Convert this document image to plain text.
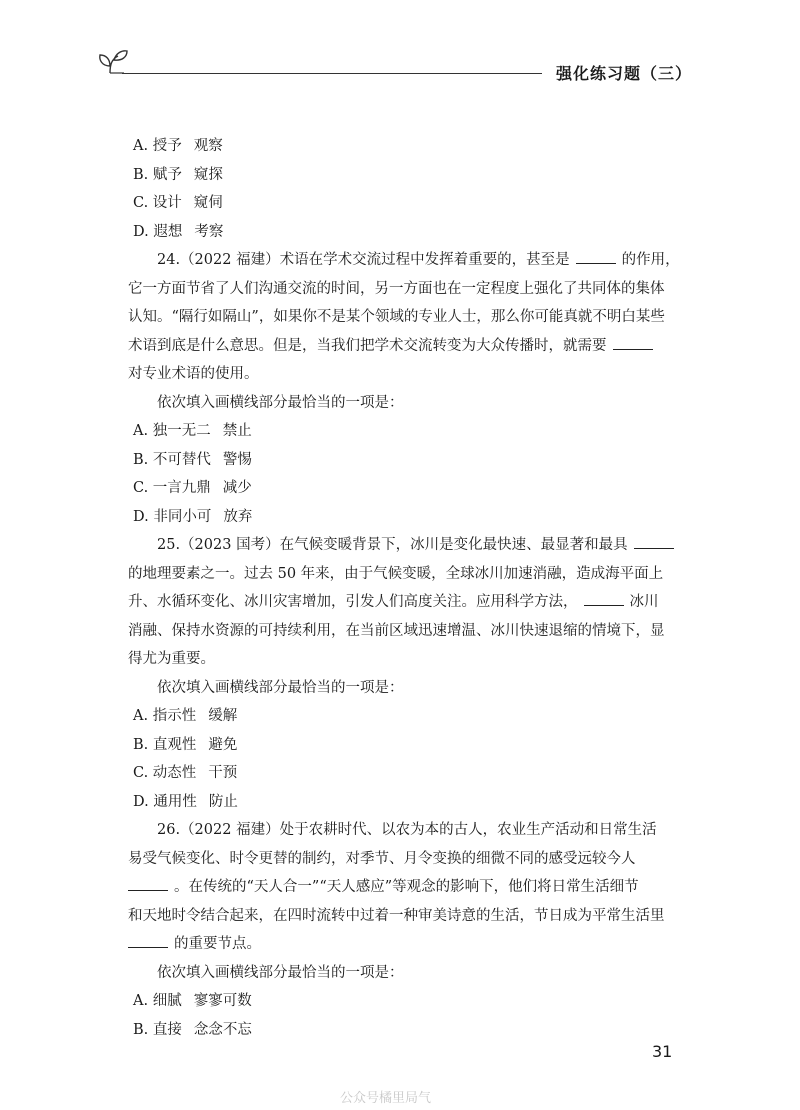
强化练习题（三）
A. 授予 观察
B. 赋予 窥探
C. 设计 窥伺
D. 遐想 考察
24.（2022 福建）术语在学术交流过程中发挥着重要的，甚至是	的作用，
它一方面节省了人们沟通交流的时间，另一方面也在一定程度上强化了共同体的集体
认知。“隔行如隔山”，如果你不是某个领域的专业人士，那么你可能真就不明白某些
术语到底是什么意思。但是，当我们把学术交流转变为大众传播时，就需要
对专业术语的使用。
依次填入画横线部分最恰当的一项是：
A. 独一无二 禁止
B. 不可替代 警惕
C. 一言九鼎 减少
D. 非同小可 放弃
25.（2023 国考）在气候变暖背景下，冰川是变化最快速、最显著和最具
的地理要素之一。过去 50 年来，由于气候变暖，全球冰川加速消融，造成海平面上
升、水循环变化、冰川灾害增加，引发人们高度关注。应用科学方法，	冰川
消融、保持水资源的可持续利用，在当前区域迅速增温、冰川快速退缩的情境下，显
得尤为重要。
依次填入画横线部分最恰当的一项是：
A. 指示性 缓解
B. 直观性 避免
C. 动态性 干预
D. 通用性 防止
26.（2022 福建）处于农耕时代、以农为本的古人，农业生产活动和日常生活
易受气候变化、时令更替的制约，对季节、月令变换的细微不同的感受远较今人
。在传统的“天人合一”“天人感应”等观念的影响下，他们将日常生活细节
和天地时令结合起来，在四时流转中过着一种审美诗意的生活，节日成为平常生活里
的重要节点。
依次填入画横线部分最恰当的一项是：
A. 细腻 寥寥可数
B. 直接 念念不忘
31
公众号橘里局气
